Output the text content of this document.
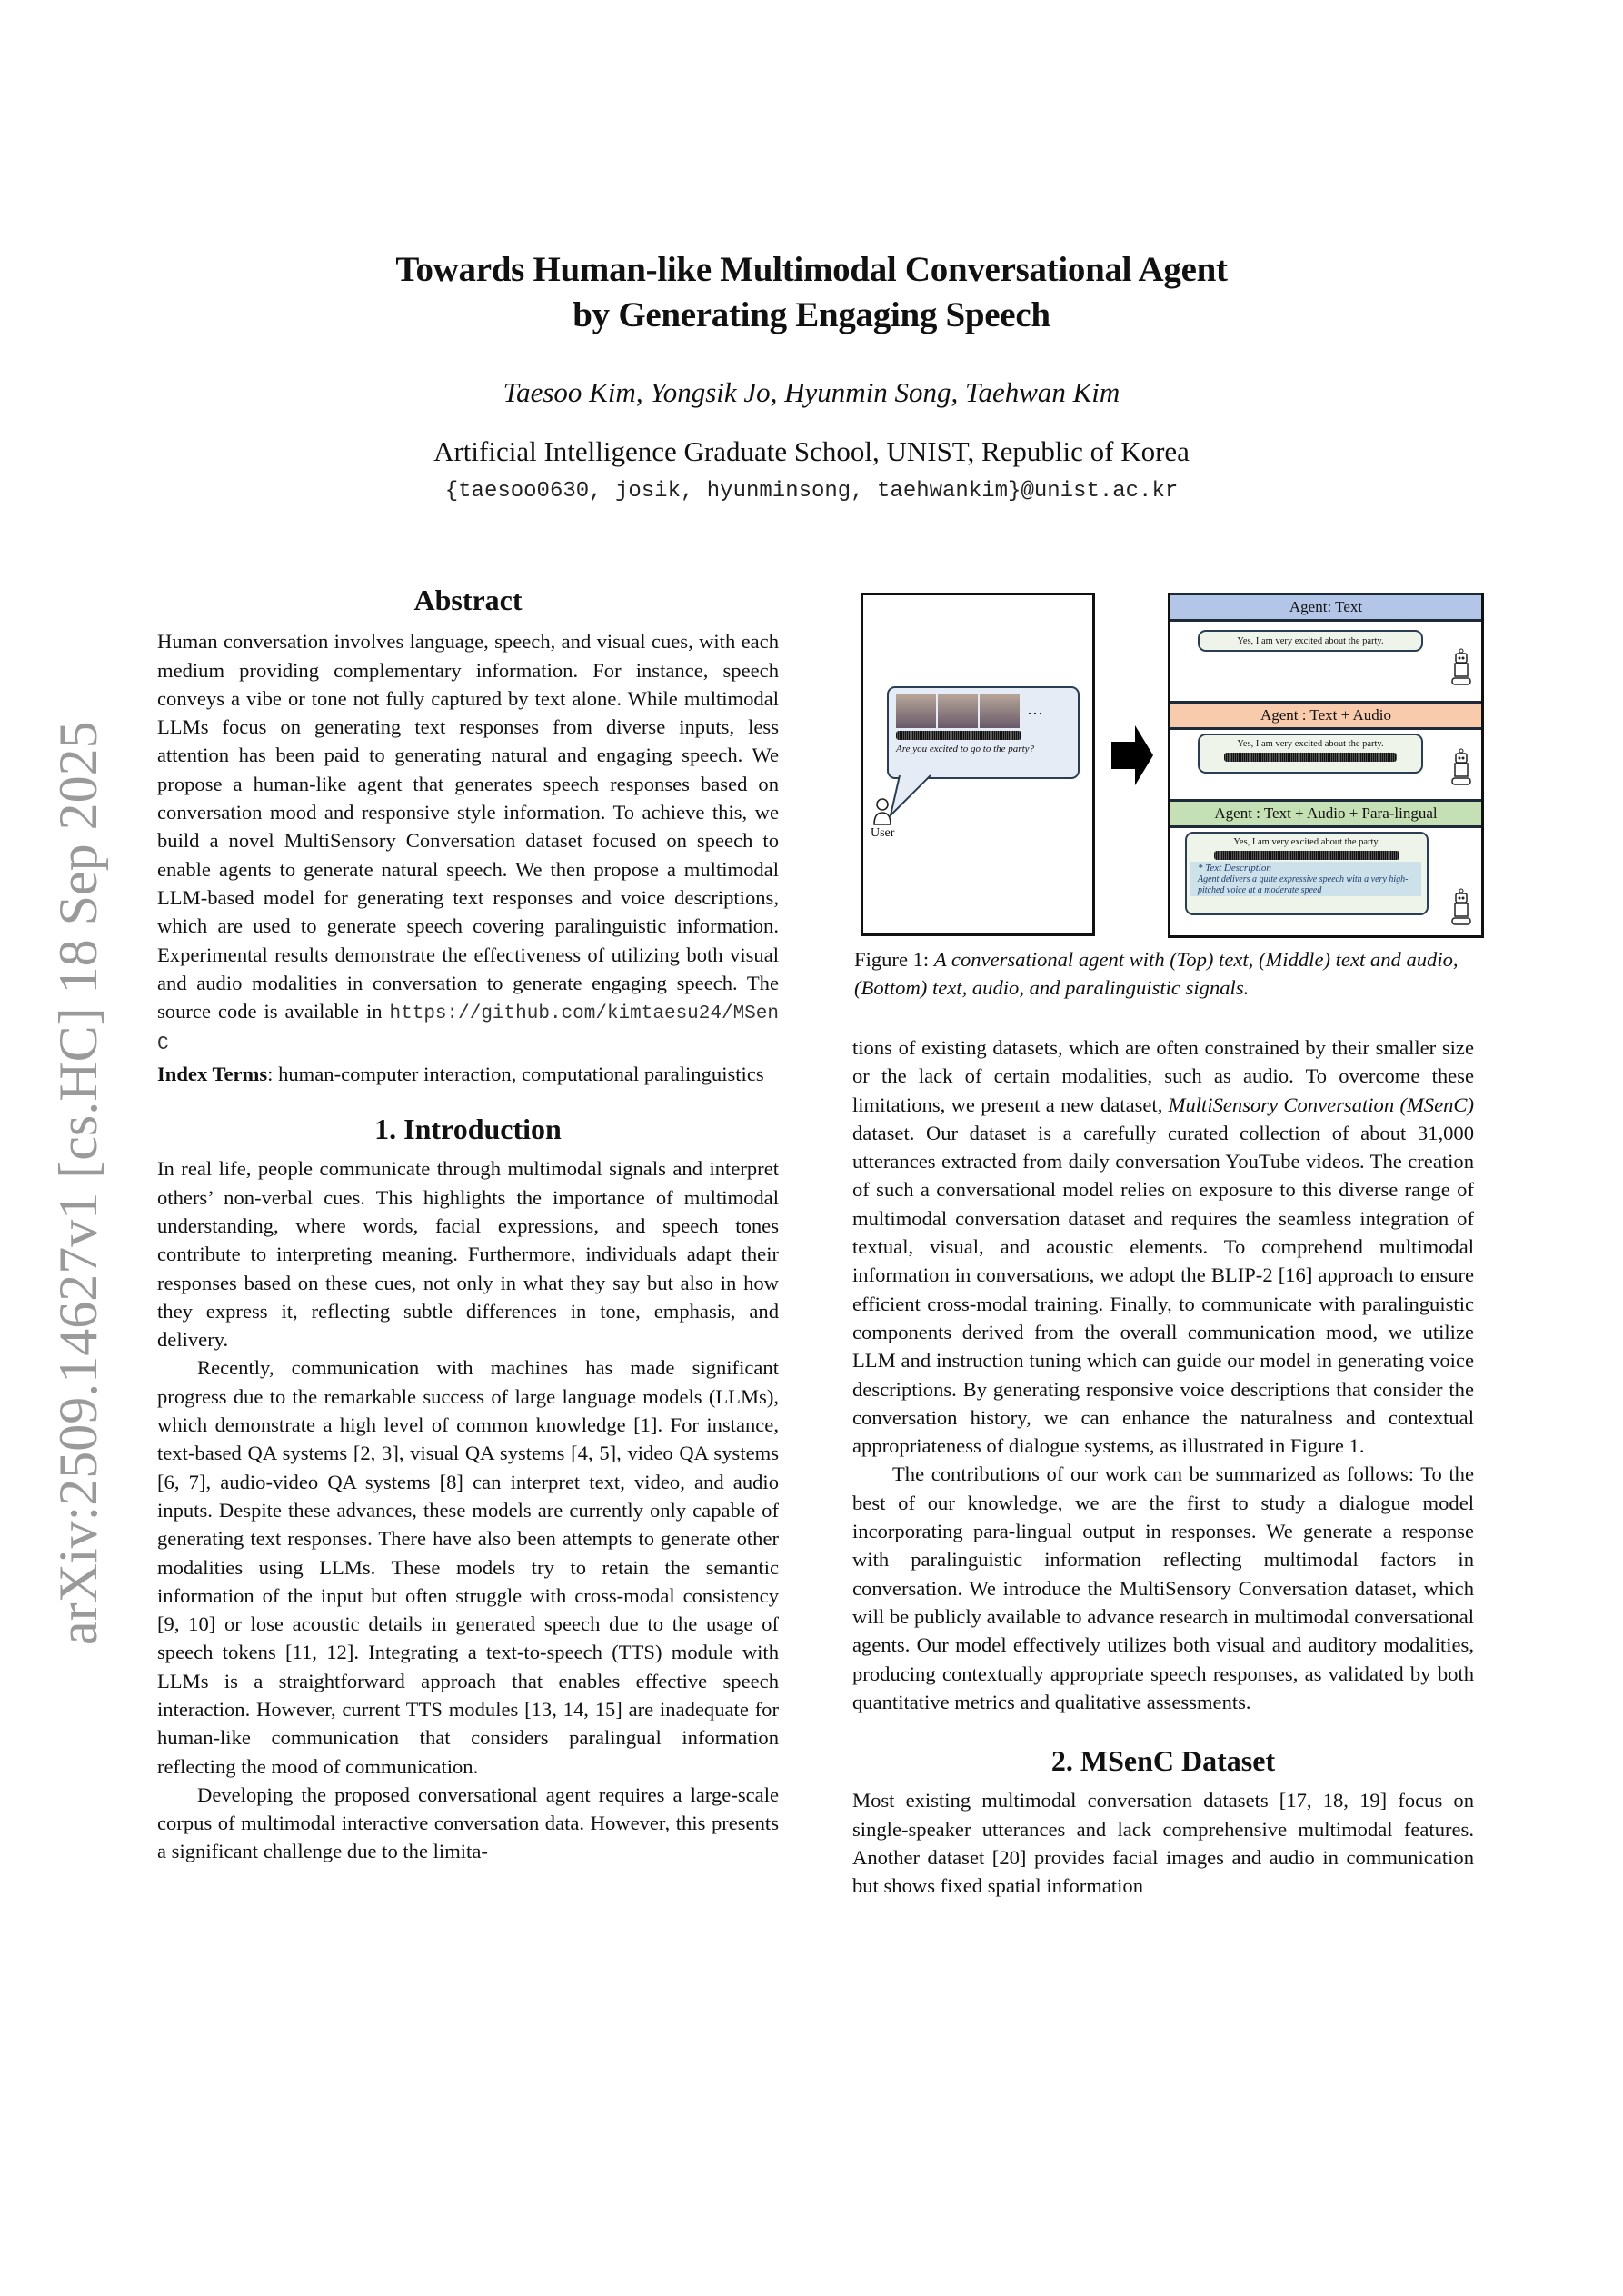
Towards Human-like Multimodal Conversational Agent
by Generating Engaging Speech
Taesoo Kim, Yongsik Jo, Hyunmin Song, Taehwan Kim
Artificial Intelligence Graduate School, UNIST, Republic of Korea
{taesoo0630, josik, hyunminsong, taehwankim}@unist.ac.kr
arXiv:2509.14627v1 [cs.HC] 18 Sep 2025
Abstract

Human conversation involves language, speech, and visual cues, with each medium providing complementary information. For instance, speech conveys a vibe or tone not fully captured by text alone. While multimodal LLMs focus on generating text responses from diverse inputs, less attention has been paid to generating natural and engaging speech. We propose a human-like agent that generates speech responses based on conversation mood and responsive style information. To achieve this, we build a novel MultiSensory Conversation dataset focused on speech to enable agents to generate natural speech. We then propose a multimodal LLM-based model for generating text responses and voice descriptions, which are used to generate speech covering paralinguistic information. Experimental results demonstrate the effectiveness of utilizing both visual and audio modalities in conversation to generate engaging speech. The source code is available in https://github.com/kimtaesu24/MSenC

Index Terms: human-computer interaction, computational paralinguistics

1. Introduction

In real life, people communicate through multimodal signals and interpret others’ non-verbal cues. This highlights the importance of multimodal understanding, where words, facial expressions, and speech tones contribute to interpreting meaning. Furthermore, individuals adapt their responses based on these cues, not only in what they say but also in how they express it, reflecting subtle differences in tone, emphasis, and delivery.

Recently, communication with machines has made significant progress due to the remarkable success of large language models (LLMs), which demonstrate a high level of common knowledge [1]. For instance, text-based QA systems [2, 3], visual QA systems [4, 5], video QA systems [6, 7], audio-video QA systems [8] can interpret text, video, and audio inputs. Despite these advances, these models are currently only capable of generating text responses. There have also been attempts to generate other modalities using LLMs. These models try to retain the semantic information of the input but often struggle with cross-modal consistency [9, 10] or lose acoustic details in generated speech due to the usage of speech tokens [11, 12]. Integrating a text-to-speech (TTS) module with LLMs is a straightforward approach that enables effective speech interaction. However, current TTS modules [13, 14, 15] are inadequate for human-like communication that considers paralingual information reflecting the mood of communication.

Developing the proposed conversational agent requires a large-scale corpus of multimodal interactive conversation data. However, this presents a significant challenge due to the limita-

…
Are you excited to go to the party?
User
Agent: Text
Yes, I am very excited about the party.
Agent : Text + Audio
Yes, I am very excited about the party.
Agent : Text + Audio + Para-lingual
Yes, I am very excited about the party.
* Text Description
Agent delivers a quite expressive speech with a very high-pitched voice at a moderate speed
Figure 1: A conversational agent with (Top) text, (Middle) text and audio, (Bottom) text, audio, and paralinguistic signals.

tions of existing datasets, which are often constrained by their smaller size or the lack of certain modalities, such as audio. To overcome these limitations, we present a new dataset, MultiSensory Conversation (MSenC) dataset. Our dataset is a carefully curated collection of about 31,000 utterances extracted from daily conversation YouTube videos. The creation of such a conversational model relies on exposure to this diverse range of multimodal conversation dataset and requires the seamless integration of textual, visual, and acoustic elements. To comprehend multimodal information in conversations, we adopt the BLIP-2 [16] approach to ensure efficient cross-modal training. Finally, to communicate with paralinguistic components derived from the overall communication mood, we utilize LLM and instruction tuning which can guide our model in generating voice descriptions. By generating responsive voice descriptions that consider the conversation history, we can enhance the naturalness and contextual appropriateness of dialogue systems, as illustrated in Figure 1.

The contributions of our work can be summarized as follows: To the best of our knowledge, we are the first to study a dialogue model incorporating para-lingual output in responses. We generate a response with paralinguistic information reflecting multimodal factors in conversation. We introduce the MultiSensory Conversation dataset, which will be publicly available to advance research in multimodal conversational agents. Our model effectively utilizes both visual and auditory modalities, producing contextually appropriate speech responses, as validated by both quantitative metrics and qualitative assessments.

2. MSenC Dataset

Most existing multimodal conversation datasets [17, 18, 19] focus on single-speaker utterances and lack comprehensive multimodal features. Another dataset [20] provides facial images and audio in communication but shows fixed spatial information
